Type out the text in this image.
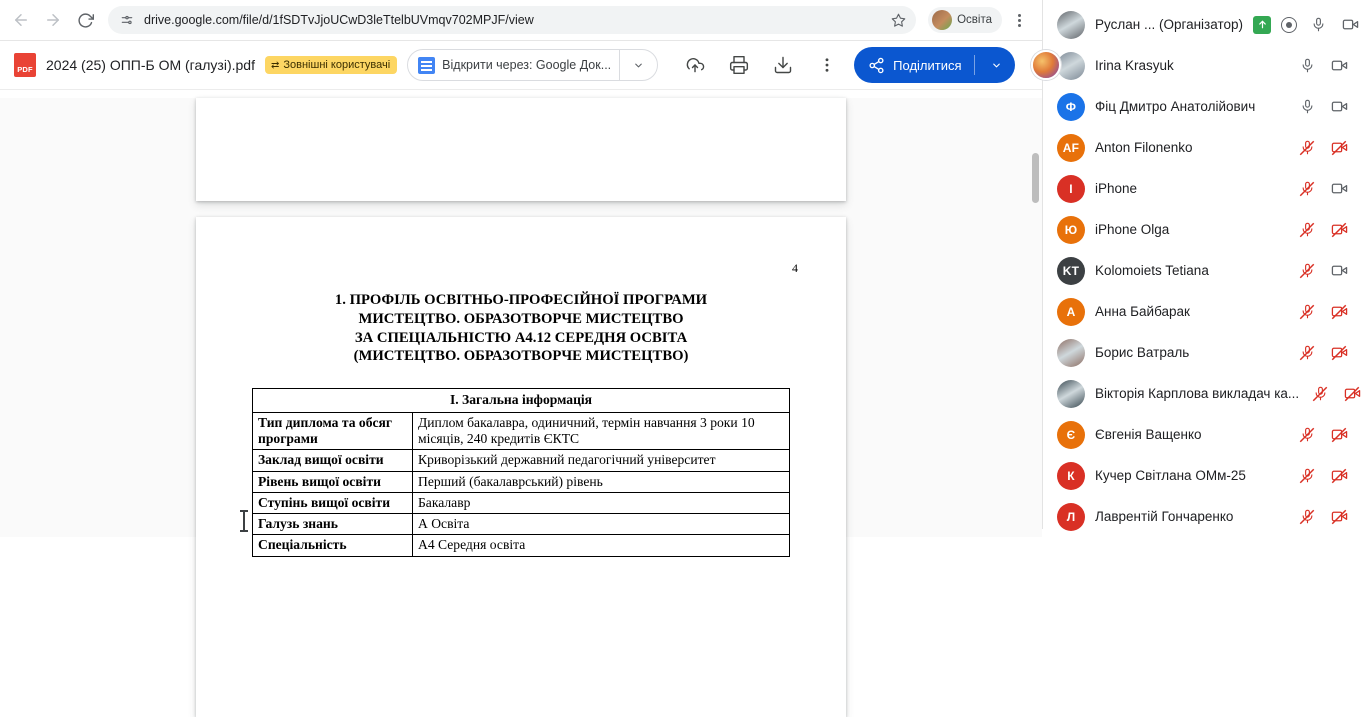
drive.google.com/file/d/1fSDTvJjoUCwD3leTtelbUVmqv702MPJF/view	Освіта
PDF 2024 (25) ОПП-Б ОМ (галузі).pdf ⇄ Зовнішні користувачі	Відкрити через: Google Док...	Поділитися
4
1. ПРОФІЛЬ ОСВІТНЬО-ПРОФЕСІЙНОЇ ПРОГРАМИ
МИСТЕЦТВО. ОБРАЗОТВОРЧЕ МИСТЕЦТВО
ЗА СПЕЦІАЛЬНІСТЮ А4.12 СЕРЕДНЯ ОСВІТА
(МИСТЕЦТВО. ОБРАЗОТВОРЧЕ МИСТЕЦТВО)
І. Загальна інформація	
Тип диплома та обсяг програми	Диплом бакалавра, одиничний, термін навчання 3 роки 10 місяців, 240 кредитів ЄКТС
Заклад вищої освіти	Криворізький державний педагогічний університет
Рівень вищої освіти	Перший (бакалаврський) рівень
Ступінь вищої освіти	Бакалавр
Галузь знань	А Освіта
Спеціальність	А4 Середня освіта
Руслан ... (Організатор)
Irina Krasyuk
Ф	Фіц Дмитро Анатолійович
AF	Anton Filonenko
I	iPhone
Ю	iPhone Olga
KT	Kolomoiets Tetiana
А	Анна Байбарак
Борис Ватраль
Вікторія Карплова викладач ка...
Є	Євгенія Ващенко
К	Кучер Світлана ОМм-25
Л	Лаврентій Гончаренко
